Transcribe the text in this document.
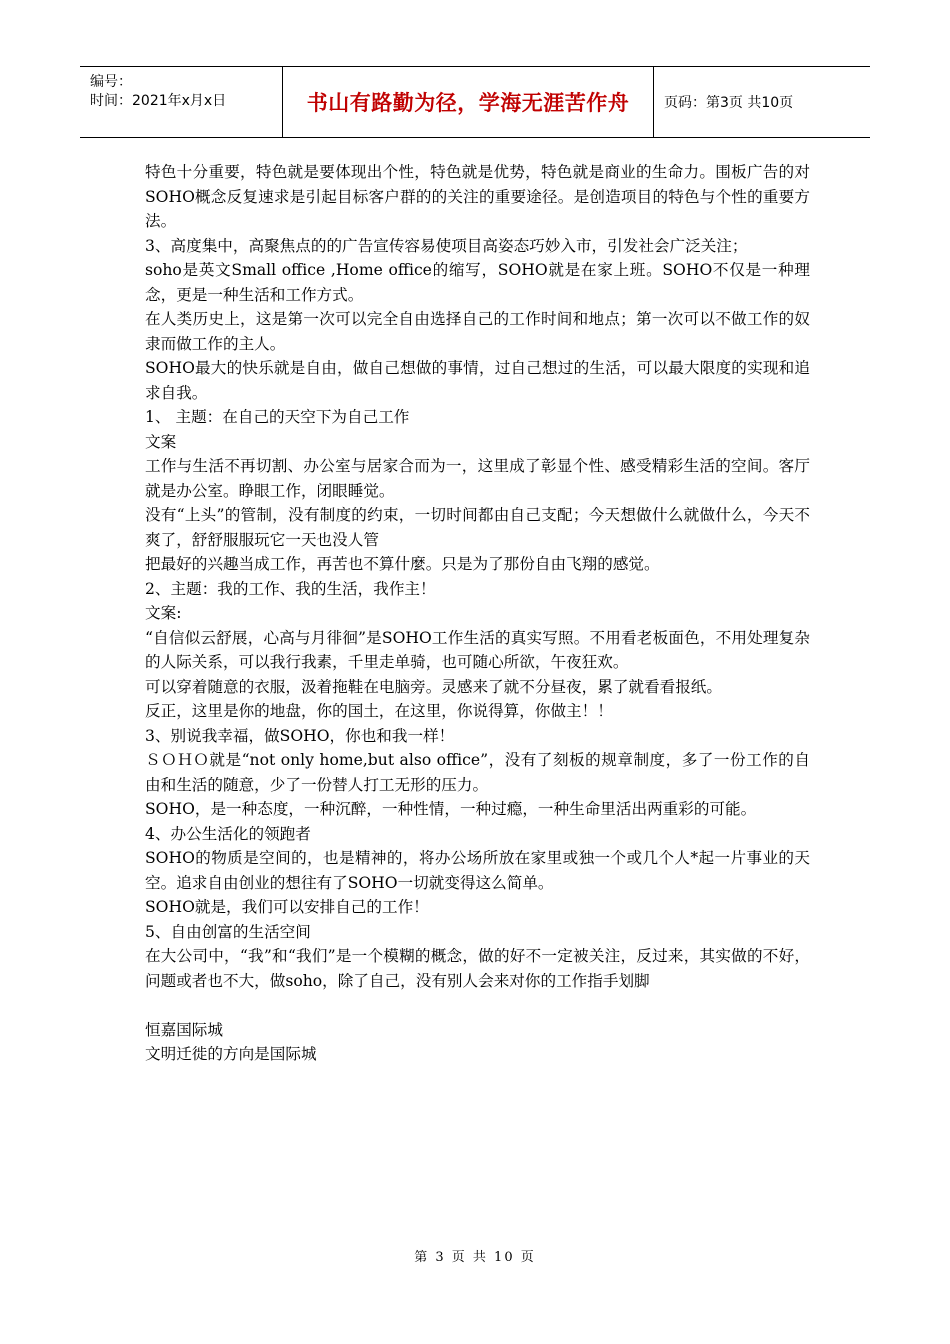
编号：
时间：2021年x月x日	书山有路勤为径，学海无涯苦作舟	页码：第3页 共10页

特色十分重要，特色就是要体现出个性，特色就是优势，特色就是商业的生命力。围板广告的对SOHO概念反复速求是引起目标客户群的的关注的重要途径。是创造项目的特色与个性的重要方法。

3、高度集中，高聚焦点的的广告宣传容易使项目高姿态巧妙入市，引发社会广泛关注；

soho是英文Small office ,Home office的缩写，SOHO就是在家上班。SOHO不仅是一种理念，更是一种生活和工作方式。

在人类历史上，这是第一次可以完全自由选择自己的工作时间和地点；第一次可以不做工作的奴隶而做工作的主人。

SOHO最大的快乐就是自由，做自己想做的事情，过自己想过的生活，可以最大限度的实现和追求自我。

1、 主题：在自己的天空下为自己工作

文案

工作与生活不再切割、办公室与居家合而为一，这里成了彰显个性、感受精彩生活的空间。客厅就是办公室。睁眼工作，闭眼睡觉。

没有“上头”的管制，没有制度的约束，一切时间都由自己支配；今天想做什么就做什么，今天不爽了，舒舒服服玩它一天也没人管

把最好的兴趣当成工作，再苦也不算什麼。只是为了那份自由飞翔的感觉。

2、主题：我的工作、我的生活，我作主！

文案:

“自信似云舒展，心高与月徘徊”是SOHO工作生活的真实写照。不用看老板面色，不用处理复杂的人际关系，可以我行我素，千里走单骑，也可随心所欲，午夜狂欢。

可以穿着随意的衣服，汲着拖鞋在电脑旁。灵感来了就不分昼夜，累了就看看报纸。

反正，这里是你的地盘，你的国土，在这里，你说得算，你做主！！

3、别说我幸福，做SOHO，你也和我一样！

ＳＯＨＯ就是“not only home,but also office”，没有了刻板的规章制度，多了一份工作的自由和生活的随意，少了一份替人打工无形的压力。

SOHO，是一种态度，一种沉醉，一种性情，一种过瘾，一种生命里活出两重彩的可能。

4、办公生活化的领跑者

SOHO的物质是空间的，也是精神的，将办公场所放在家里或独一个或几个人*起一片事业的天空。追求自由创业的想往有了SOHO一切就变得这么简单。

SOHO就是，我们可以安排自己的工作！

5、自由创富的生活空间

在大公司中，“我”和“我们”是一个模糊的概念，做的好不一定被关注，反过来，其实做的不好，问题或者也不大，做soho，除了自己，没有别人会来对你的工作指手划脚

恒嘉国际城

文明迁徙的方向是国际城

第 3 页 共 10 页
